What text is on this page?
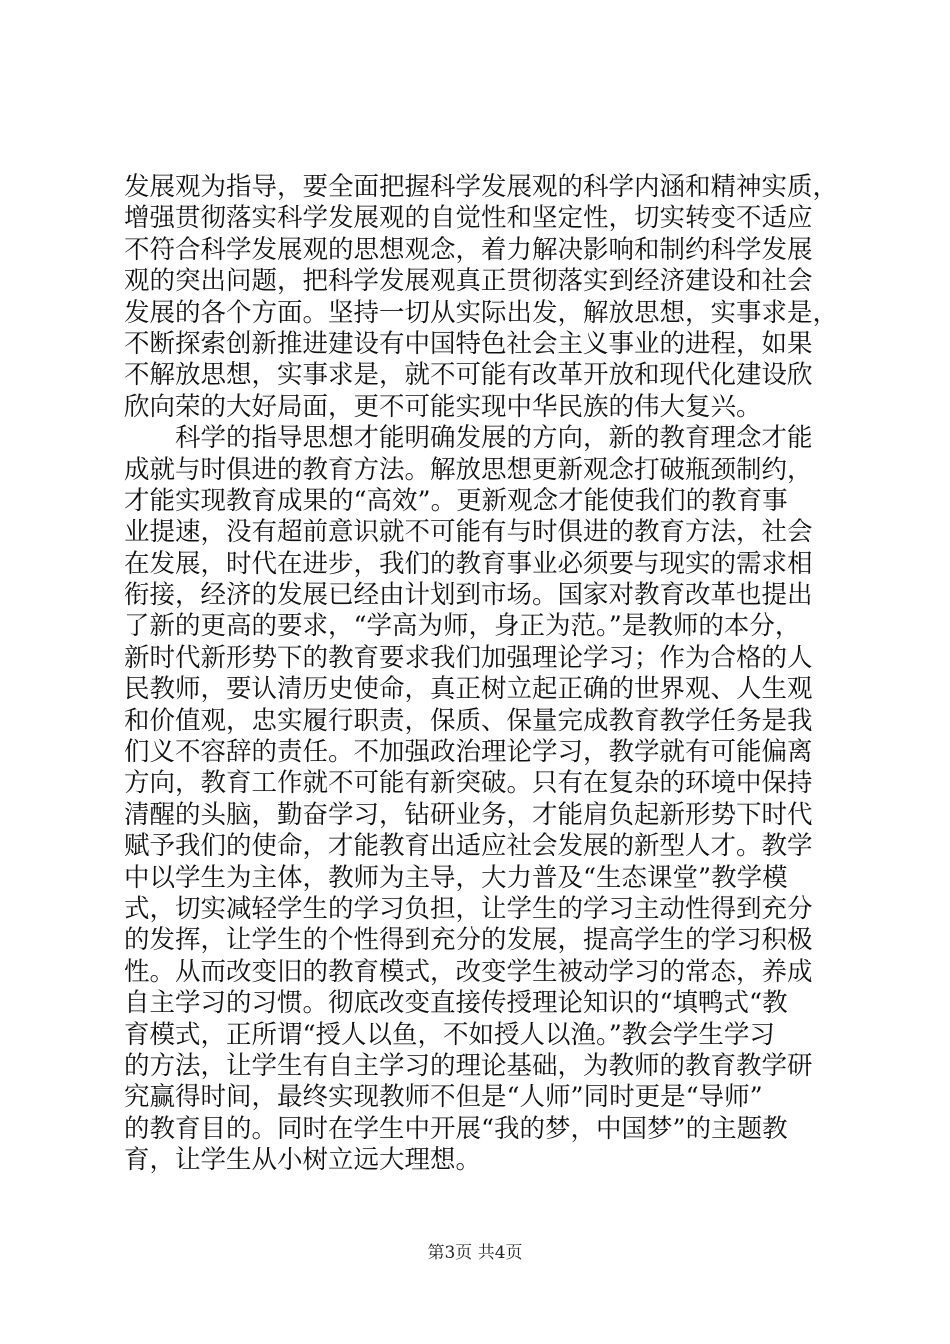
发展观为指导，要全面把握科学发展观的科学内涵和精神实质，
增强贯彻落实科学发展观的自觉性和坚定性，切实转变不适应
不符合科学发展观的思想观念，着力解决影响和制约科学发展
观的突出问题，把科学发展观真正贯彻落实到经济建设和社会
发展的各个方面。坚持一切从实际出发，解放思想，实事求是，
不断探索创新推进建设有中国特色社会主义事业的进程，如果
不解放思想，实事求是，就不可能有改革开放和现代化建设欣
欣向荣的大好局面，更不可能实现中华民族的伟大复兴。
　　科学的指导思想才能明确发展的方向，新的教育理念才能
成就与时俱进的教育方法。解放思想更新观念打破瓶颈制约，
才能实现教育成果的“高效”。更新观念才能使我们的教育事
业提速，没有超前意识就不可能有与时俱进的教育方法，社会
在发展，时代在进步，我们的教育事业必须要与现实的需求相
衔接，经济的发展已经由计划到市场。国家对教育改革也提出
了新的更高的要求，“学高为师，身正为范。”是教师的本分，
新时代新形势下的教育要求我们加强理论学习；作为合格的人
民教师，要认清历史使命，真正树立起正确的世界观、人生观
和价值观，忠实履行职责，保质、保量完成教育教学任务是我
们义不容辞的责任。不加强政治理论学习，教学就有可能偏离
方向，教育工作就不可能有新突破。只有在复杂的环境中保持
清醒的头脑，勤奋学习，钻研业务，才能肩负起新形势下时代
赋予我们的使命，才能教育出适应社会发展的新型人才。教学
中以学生为主体，教师为主导，大力普及“生态课堂”教学模
式，切实减轻学生的学习负担，让学生的学习主动性得到充分
的发挥，让学生的个性得到充分的发展，提高学生的学习积极
性。从而改变旧的教育模式，改变学生被动学习的常态，养成
自主学习的习惯。彻底改变直接传授理论知识的“填鸭式“教
育模式，正所谓“授人以鱼，不如授人以渔。”教会学生学习
的方法，让学生有自主学习的理论基础，为教师的教育教学研
究赢得时间，最终实现教师不但是“人师”同时更是“导师”
的教育目的。同时在学生中开展“我的梦，中国梦”的主题教
育，让学生从小树立远大理想。
第3页 共4页
